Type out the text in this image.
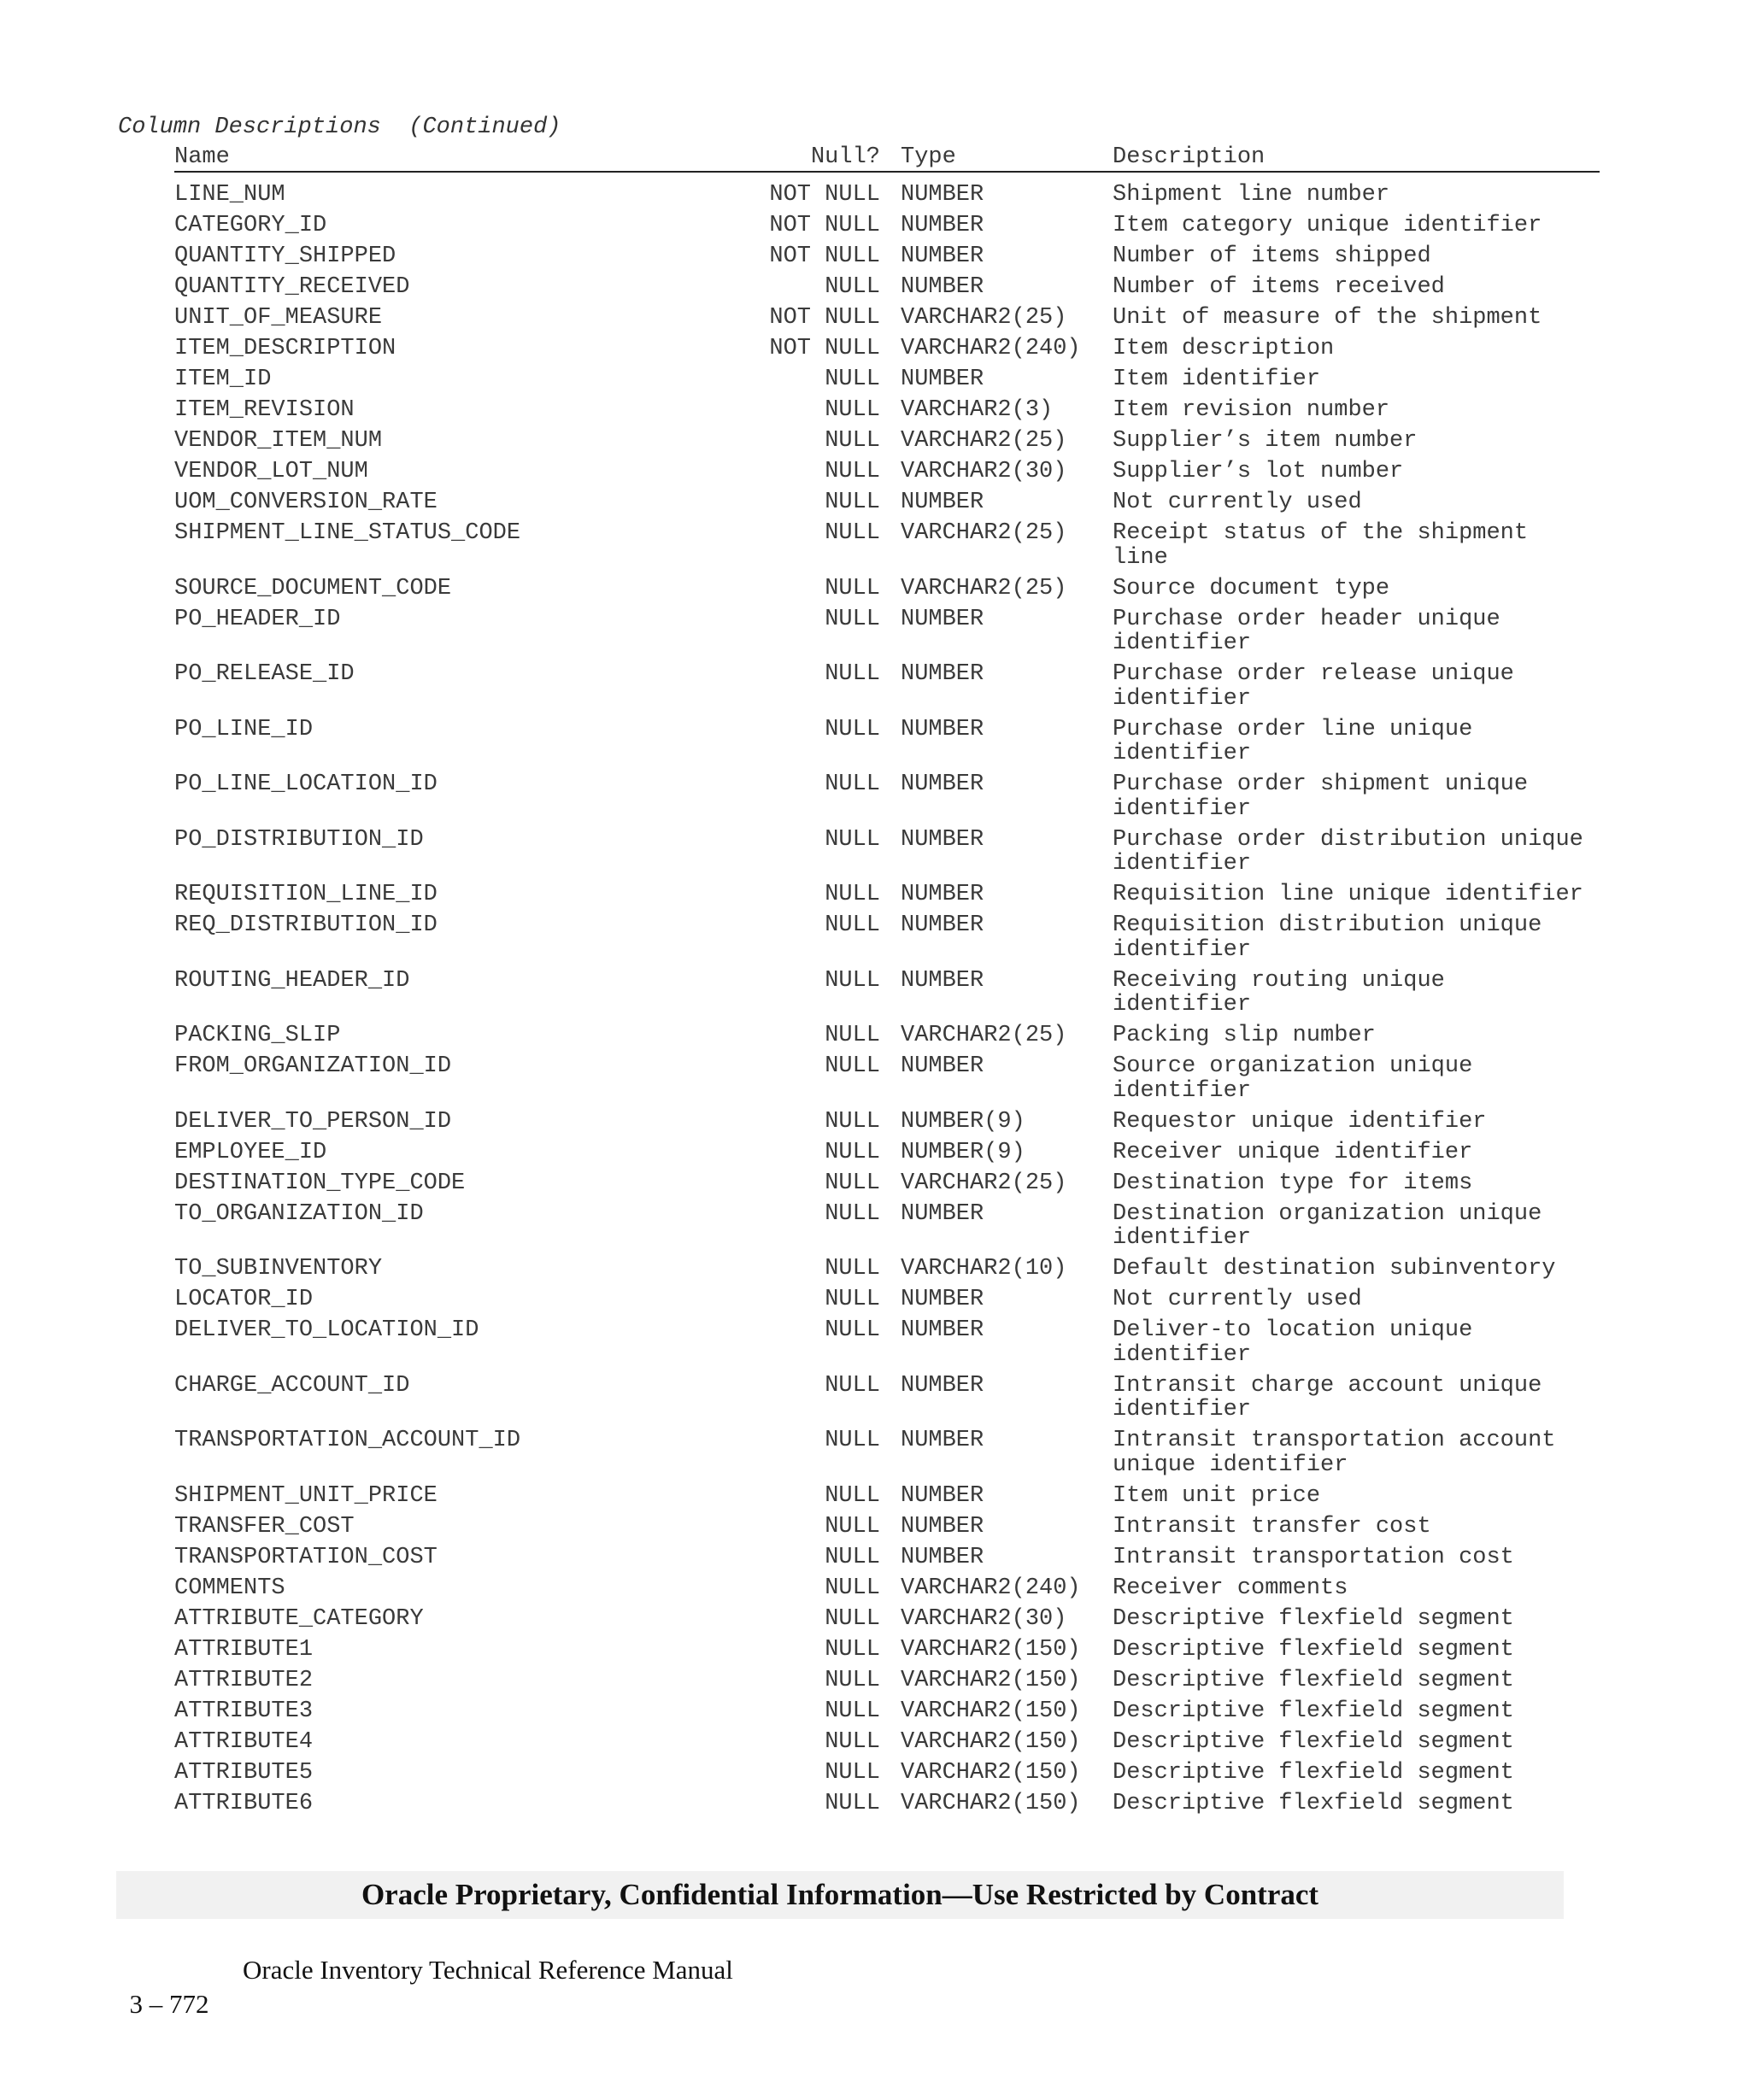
Column Descriptions  (Continued)
Name	Null? Type	Description
LINE_NUM	NOT NULL NUMBER	Shipment line number
CATEGORY_ID	NOT NULL NUMBER	Item category unique identifier
QUANTITY_SHIPPED	NOT NULL NUMBER	Number of items shipped
QUANTITY_RECEIVED	NULL NUMBER	Number of items received
UNIT_OF_MEASURE	NOT NULL VARCHAR2(25) Unit of measure of the shipment
ITEM_DESCRIPTION	NOT NULL VARCHAR2(240) Item description
ITEM_ID	NULL NUMBER	Item identifier
ITEM_REVISION	NULL VARCHAR2(3)	Item revision number
VENDOR_ITEM_NUM	NULL VARCHAR2(25) Supplier’s item number
VENDOR_LOT_NUM	NULL VARCHAR2(30) Supplier’s lot number
UOM_CONVERSION_RATE	NULL NUMBER	Not currently used
SHIPMENT_LINE_STATUS_CODE	NULL VARCHAR2(25) Receipt status of the shipment line
SOURCE_DOCUMENT_CODE	NULL VARCHAR2(25) Source document type
PO_HEADER_ID	NULL NUMBER	Purchase order header unique identifier
PO_RELEASE_ID	NULL NUMBER	Purchase order release unique identifier
PO_LINE_ID	NULL NUMBER	Purchase order line unique identifier
PO_LINE_LOCATION_ID	NULL NUMBER	Purchase order shipment unique identifier
PO_DISTRIBUTION_ID	NULL NUMBER	Purchase order distribution unique identifier
REQUISITION_LINE_ID	NULL NUMBER	Requisition line unique identifier
REQ_DISTRIBUTION_ID	NULL NUMBER	Requisition distribution unique identifier
ROUTING_HEADER_ID	NULL NUMBER	Receiving routing unique identifier
PACKING_SLIP	NULL VARCHAR2(25) Packing slip number
FROM_ORGANIZATION_ID	NULL NUMBER	Source organization unique identifier
DELIVER_TO_PERSON_ID	NULL NUMBER(9)	Requestor unique identifier
EMPLOYEE_ID	NULL NUMBER(9)	Receiver unique identifier
DESTINATION_TYPE_CODE	NULL VARCHAR2(25) Destination type for items
TO_ORGANIZATION_ID	NULL NUMBER	Destination organization unique identifier
TO_SUBINVENTORY	NULL VARCHAR2(10) Default destination subinventory
LOCATOR_ID	NULL NUMBER	Not currently used
DELIVER_TO_LOCATION_ID	NULL NUMBER	Deliver-to location unique identifier
CHARGE_ACCOUNT_ID	NULL NUMBER	Intransit charge account unique identifier
TRANSPORTATION_ACCOUNT_ID	NULL NUMBER	Intransit transportation account unique identifier
SHIPMENT_UNIT_PRICE	NULL NUMBER	Item unit price
TRANSFER_COST	NULL NUMBER	Intransit transfer cost
TRANSPORTATION_COST	NULL NUMBER	Intransit transportation cost
COMMENTS	NULL VARCHAR2(240) Receiver comments
ATTRIBUTE_CATEGORY	NULL VARCHAR2(30) Descriptive flexfield segment
ATTRIBUTE1	NULL VARCHAR2(150) Descriptive flexfield segment
ATTRIBUTE2	NULL VARCHAR2(150) Descriptive flexfield segment
ATTRIBUTE3	NULL VARCHAR2(150) Descriptive flexfield segment
ATTRIBUTE4	NULL VARCHAR2(150) Descriptive flexfield segment
ATTRIBUTE5	NULL VARCHAR2(150) Descriptive flexfield segment
ATTRIBUTE6	NULL VARCHAR2(150) Descriptive flexfield segment
Oracle Proprietary, Confidential Information––Use Restricted by Contract

3 – 772

Oracle Inventory Technical Reference Manual
